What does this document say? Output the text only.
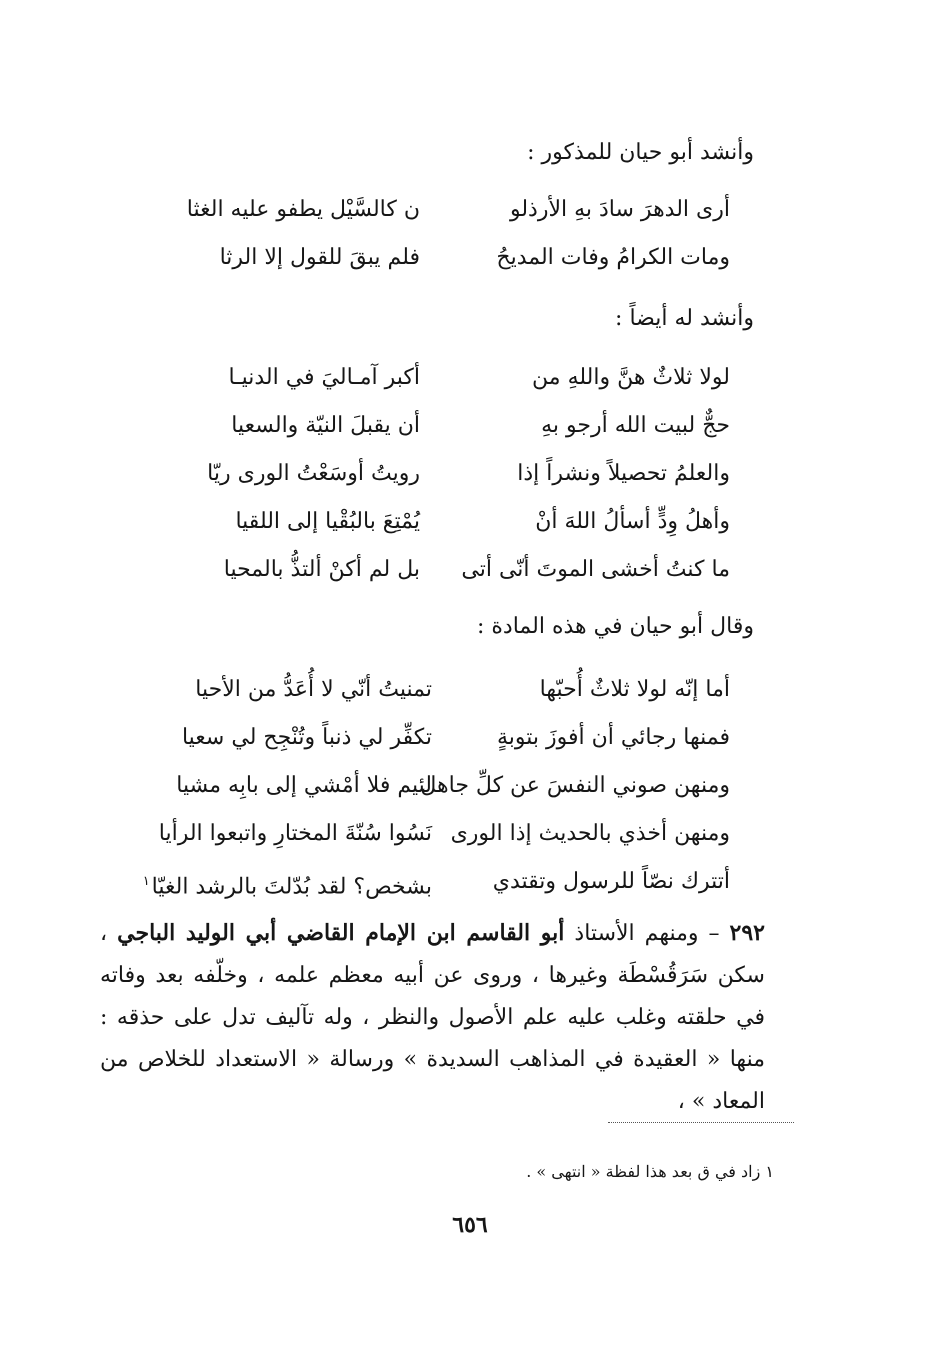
وأنشد أبو حيان للمذكور :
أرى الدهرَ سادَ بهِ الأرذلو
ن كالسَّيْل يطفو عليه الغثا
ومات الكرامُ وفات المديحُ
فلم يبقَ للقول إلا الرثا
وأنشد له أيضاً :
لولا ثلاثٌ هنَّ واللهِ من
أكبر آمـاليَ في الدنيـا
حجٌّ لبيت الله أرجو بهِ
أن يقبلَ النيّة والسعيا
والعلمُ تحصيلاً ونشراً إذا
رويتُ أوسَعْتُ الورى ريّا
وأهلُ وِدٍّ أسألُ اللهَ أنْ
يُمْتِعَ بالبُقْيا إلى اللقيا
ما كنتُ أخشى الموتَ أنّى أتى
بل لم أكنْ ألتذُّ بالمحيا
وقال أبو حيان في هذه المادة :
أما إنّه لولا ثلاثٌ أُحبّها
تمنيتُ أنّي لا أُعَدُّ من الأحيا
فمنها رجائي أن أفوزَ بتوبةٍ
تكفِّر لي ذنباً وتُنْجِح لي سعيا
ومنهن صوني النفسَ عن كلِّ جاهل
لئيم فلا أمْشي إلى بابِه مشيا
ومنهن أخذي بالحديث إذا الورى
نَسُوا سُنّةَ المختارِ واتبعوا الرأيا
أتترك نصّاً للرسول وتقتدي
بشخص؟ لقد بُدّلتَ بالرشد الغيّا$^١$
٢٩٢ – ومنهم الأستاذ أبو القاسم ابن الإمام القاضي أبي الوليد الباجي ، سكن سَرَقُسْطَة وغيرها ، وروى عن أبيه معظم علمه ، وخلّفه بعد وفاته في حلقته وغلب عليه علم الأصول والنظر ، وله تآليف تدل على حذقه : منها « العقيدة في المذاهب السديدة » ورسالة « الاستعداد للخلاص من المعاد » ،
١ زاد في ق بعد هذا لفظة « انتهى » .
٦٥٦
